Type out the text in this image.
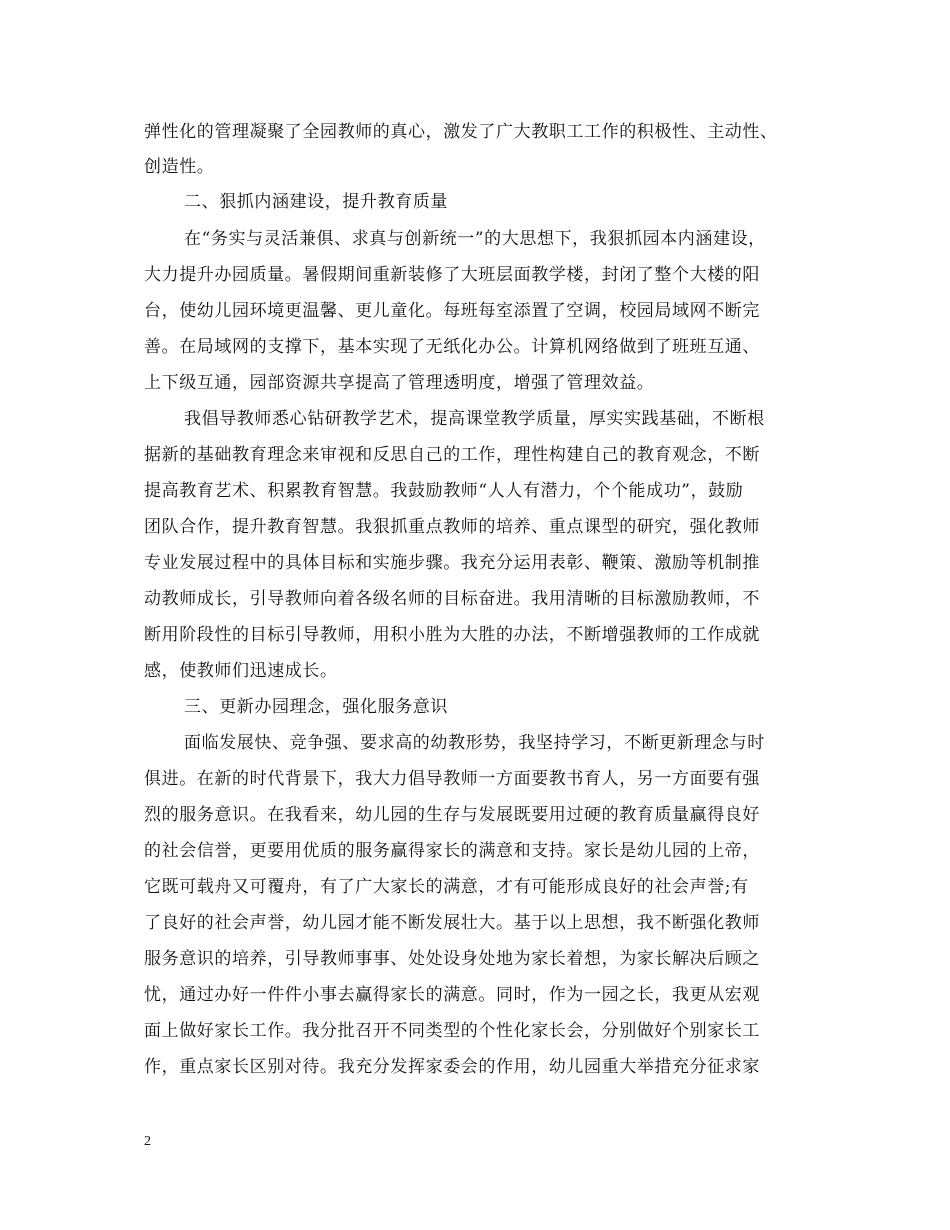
弹性化的管理凝聚了全园教师的真心，激发了广大教职工工作的积极性、主动性、
创造性。
二、狠抓内涵建设，提升教育质量
在“务实与灵活兼俱、求真与创新统一”的大思想下，我狠抓园本内涵建设，
大力提升办园质量。暑假期间重新装修了大班层面教学楼，封闭了整个大楼的阳
台，使幼儿园环境更温馨、更儿童化。每班每室添置了空调，校园局域网不断完
善。在局域网的支撑下，基本实现了无纸化办公。计算机网络做到了班班互通、
上下级互通，园部资源共享提高了管理透明度，增强了管理效益。
我倡导教师悉心钻研教学艺术，提高课堂教学质量，厚实实践基础，不断根
据新的基础教育理念来审视和反思自己的工作，理性构建自己的教育观念，不断
提高教育艺术、积累教育智慧。我鼓励教师“人人有潜力，个个能成功”，鼓励
团队合作，提升教育智慧。我狠抓重点教师的培养、重点课型的研究，强化教师
专业发展过程中的具体目标和实施步骤。我充分运用表彰、鞭策、激励等机制推
动教师成长，引导教师向着各级名师的目标奋进。我用清晰的目标激励教师，不
断用阶段性的目标引导教师，用积小胜为大胜的办法，不断增强教师的工作成就
感，使教师们迅速成长。
三、更新办园理念，强化服务意识
面临发展快、竞争强、要求高的幼教形势，我坚持学习，不断更新理念与时
俱进。在新的时代背景下，我大力倡导教师一方面要教书育人，另一方面要有强
烈的服务意识。在我看来，幼儿园的生存与发展既要用过硬的教育质量赢得良好
的社会信誉，更要用优质的服务赢得家长的满意和支持。家长是幼儿园的上帝，
它既可载舟又可覆舟，有了广大家长的满意，才有可能形成良好的社会声誉;有
了良好的社会声誉，幼儿园才能不断发展壮大。基于以上思想，我不断强化教师
服务意识的培养，引导教师事事、处处设身处地为家长着想，为家长解决后顾之
忧，通过办好一件件小事去赢得家长的满意。同时，作为一园之长，我更从宏观
面上做好家长工作。我分批召开不同类型的个性化家长会，分别做好个别家长工
作，重点家长区别对待。我充分发挥家委会的作用，幼儿园重大举措充分征求家
2
